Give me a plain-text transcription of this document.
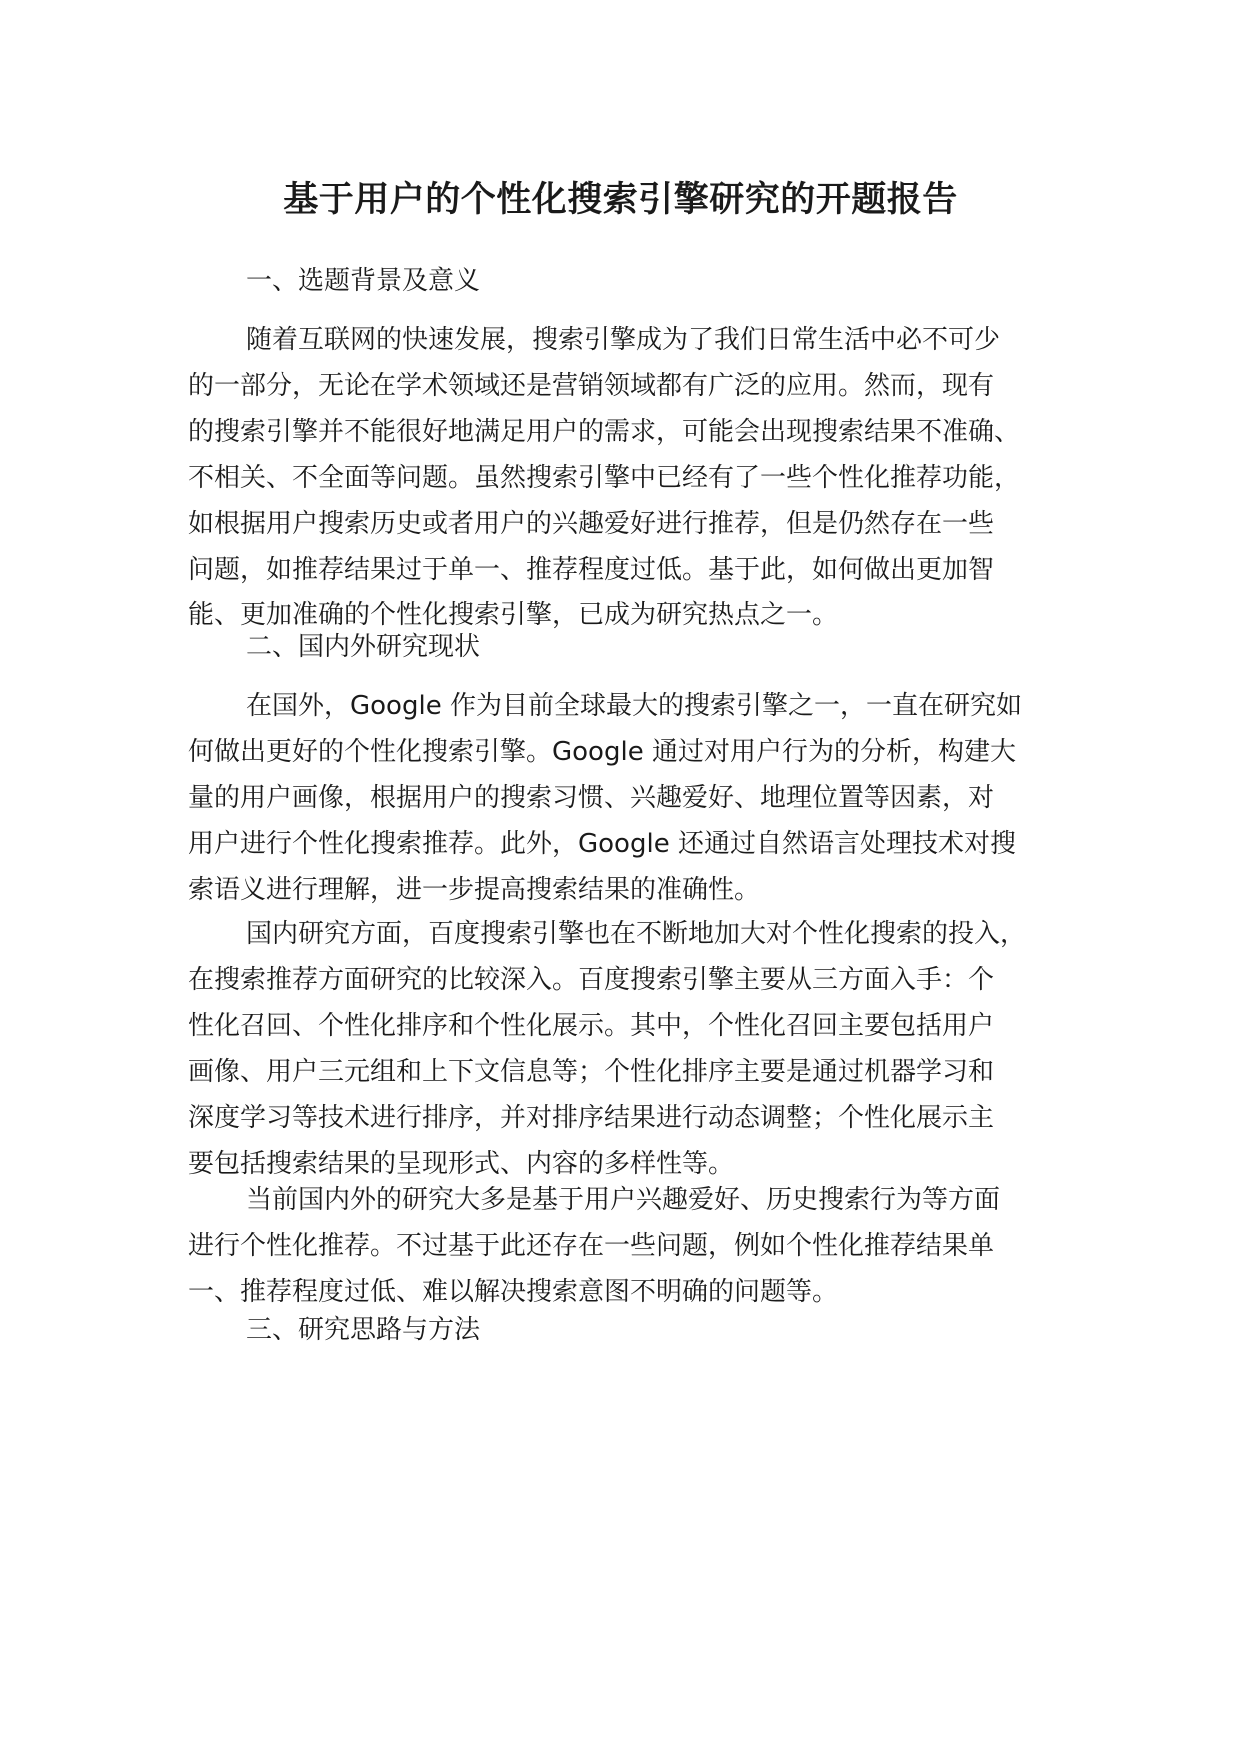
基于用户的个性化搜索引擎研究的开题报告
一、选题背景及意义

随着互联网的快速发展，搜索引擎成为了我们日常生活中必不可少
的一部分，无论在学术领域还是营销领域都有广泛的应用。然而，现有
的搜索引擎并不能很好地满足用户的需求，可能会出现搜索结果不准确、
不相关、不全面等问题。虽然搜索引擎中已经有了一些个性化推荐功能，
如根据用户搜索历史或者用户的兴趣爱好进行推荐，但是仍然存在一些
问题，如推荐结果过于单一、推荐程度过低。基于此，如何做出更加智
能、更加准确的个性化搜索引擎，已成为研究热点之一。

二、国内外研究现状

在国外，Google 作为目前全球最大的搜索引擎之一，一直在研究如
何做出更好的个性化搜索引擎。Google 通过对用户行为的分析，构建大
量的用户画像，根据用户的搜索习惯、兴趣爱好、地理位置等因素，对
用户进行个性化搜索推荐。此外，Google 还通过自然语言处理技术对搜
索语义进行理解，进一步提高搜索结果的准确性。

国内研究方面，百度搜索引擎也在不断地加大对个性化搜索的投入，
在搜索推荐方面研究的比较深入。百度搜索引擎主要从三方面入手：个
性化召回、个性化排序和个性化展示。其中，个性化召回主要包括用户
画像、用户三元组和上下文信息等；个性化排序主要是通过机器学习和
深度学习等技术进行排序，并对排序结果进行动态调整；个性化展示主
要包括搜索结果的呈现形式、内容的多样性等。

当前国内外的研究大多是基于用户兴趣爱好、历史搜索行为等方面
进行个性化推荐。不过基于此还存在一些问题，例如个性化推荐结果单
一、推荐程度过低、难以解决搜索意图不明确的问题等。

三、研究思路与方法
